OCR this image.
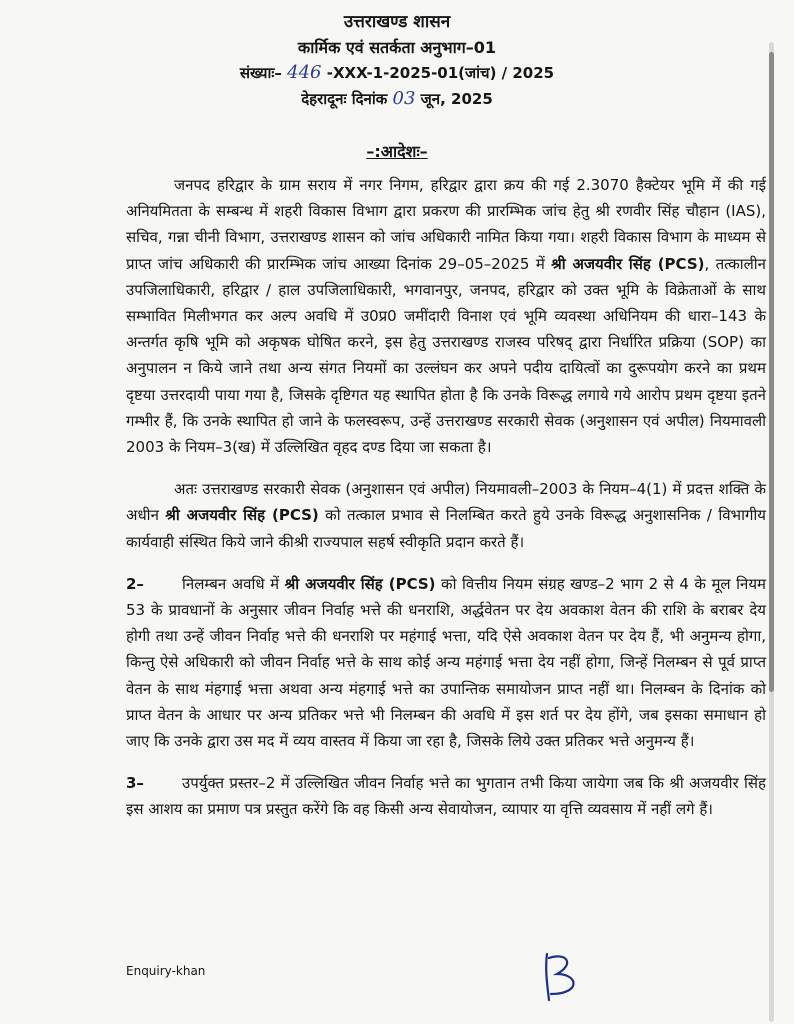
उत्तराखण्ड शासन
कार्मिक एवं सतर्कता अनुभाग–01
संख्याः– 446 -XXX-1-2025-01(जांच) / 2025
देहरादूनः दिनांक 03 जून, 2025
–:आदेशः–

जनपद हरिद्वार के ग्राम सराय में नगर निगम, हरिद्वार द्वारा क्रय की गई 2.3070 हैक्टेयर भूमि में की गई अनियमितता के सम्बन्ध में शहरी विकास विभाग द्वारा प्रकरण की प्रारम्भिक जांच हेतु श्री रणवीर सिंह चौहान (IAS), सचिव, गन्ना चीनी विभाग, उत्तराखण्ड शासन को जांच अधिकारी नामित किया गया। शहरी विकास विभाग के माध्यम से प्राप्त जांच अधिकारी की प्रारम्भिक जांच आख्या दिनांक 29–05–2025 में श्री अजयवीर सिंह (PCS), तत्कालीन उपजिलाधिकारी, हरिद्वार / हाल उपजिलाधिकारी, भगवानपुर, जनपद, हरिद्वार को उक्त भूमि के विक्रेताओं के साथ सम्भावित मिलीभगत कर अल्प अवधि में उ0प्र0 जमींदारी विनाश एवं भूमि व्यवस्था अधिनियम की धारा–143 के अन्तर्गत कृषि भूमि को अकृषक घोषित करने, इस हेतु उत्तराखण्ड राजस्व परिषद् द्वारा निर्धारित प्रक्रिया (SOP) का अनुपालन न किये जाने तथा अन्य संगत नियमों का उल्लंघन कर अपने पदीय दायित्वों का दुरूपयोग करने का प्रथम दृष्टया उत्तरदायी पाया गया है, जिसके दृष्टिगत यह स्थापित होता है कि उनके विरूद्ध लगाये गये आरोप प्रथम दृष्टया इतने गम्भीर हैं, कि उनके स्थापित हो जाने के फलस्वरूप, उन्हें उत्तराखण्ड सरकारी सेवक (अनुशासन एवं अपील) नियमावली 2003 के नियम–3(ख) में उल्लिखित वृहद दण्ड दिया जा सकता है।

अतः उत्तराखण्ड सरकारी सेवक (अनुशासन एवं अपील) नियमावली–2003 के नियम–4(1) में प्रदत्त शक्ति के अधीन श्री अजयवीर सिंह (PCS) को तत्काल प्रभाव से निलम्बित करते हुये उनके विरूद्ध अनुशासनिक / विभागीय कार्यवाही संस्थित किये जाने कीश्री राज्यपाल सहर्ष स्वीकृति प्रदान करते हैं।

2–	निलम्बन अवधि में श्री अजयवीर सिंह (PCS) को वित्तीय नियम संग्रह खण्ड–2 भाग 2 से 4 के मूल नियम 53 के प्रावधानों के अनुसार जीवन निर्वाह भत्ते की धनराशि, अर्द्धवेतन पर देय अवकाश वेतन की राशि के बराबर देय होगी तथा उन्हें जीवन निर्वाह भत्ते की धनराशि पर महंगाई भत्ता, यदि ऐसे अवकाश वेतन पर देय हैं, भी अनुमन्य होगा, किन्तु ऐसे अधिकारी को जीवन निर्वाह भत्ते के साथ कोई अन्य महंगाई भत्ता देय नहीं होगा, जिन्हें निलम्बन से पूर्व प्राप्त वेतन के साथ मंहगाई भत्ता अथवा अन्य मंहगाई भत्ते का उपान्तिक समायोजन प्राप्त नहीं था। निलम्बन के दिनांक को प्राप्त वेतन के आधार पर अन्य प्रतिकर भत्ते भी निलम्बन की अवधि में इस शर्त पर देय होंगे, जब इसका समाधान हो जाए कि उनके द्वारा उस मद में व्यय वास्तव में किया जा रहा है, जिसके लिये उक्त प्रतिकर भत्ते अनुमन्य हैं।

3–	उपर्युक्त प्रस्तर–2 में उल्लिखित जीवन निर्वाह भत्ते का भुगतान तभी किया जायेगा जब कि श्री अजयवीर सिंह इस आशय का प्रमाण पत्र प्रस्तुत करेंगे कि वह किसी अन्य सेवायोजन, व्यापार या वृत्ति व्यवसाय में नहीं लगे हैं।

Enquiry-khan
